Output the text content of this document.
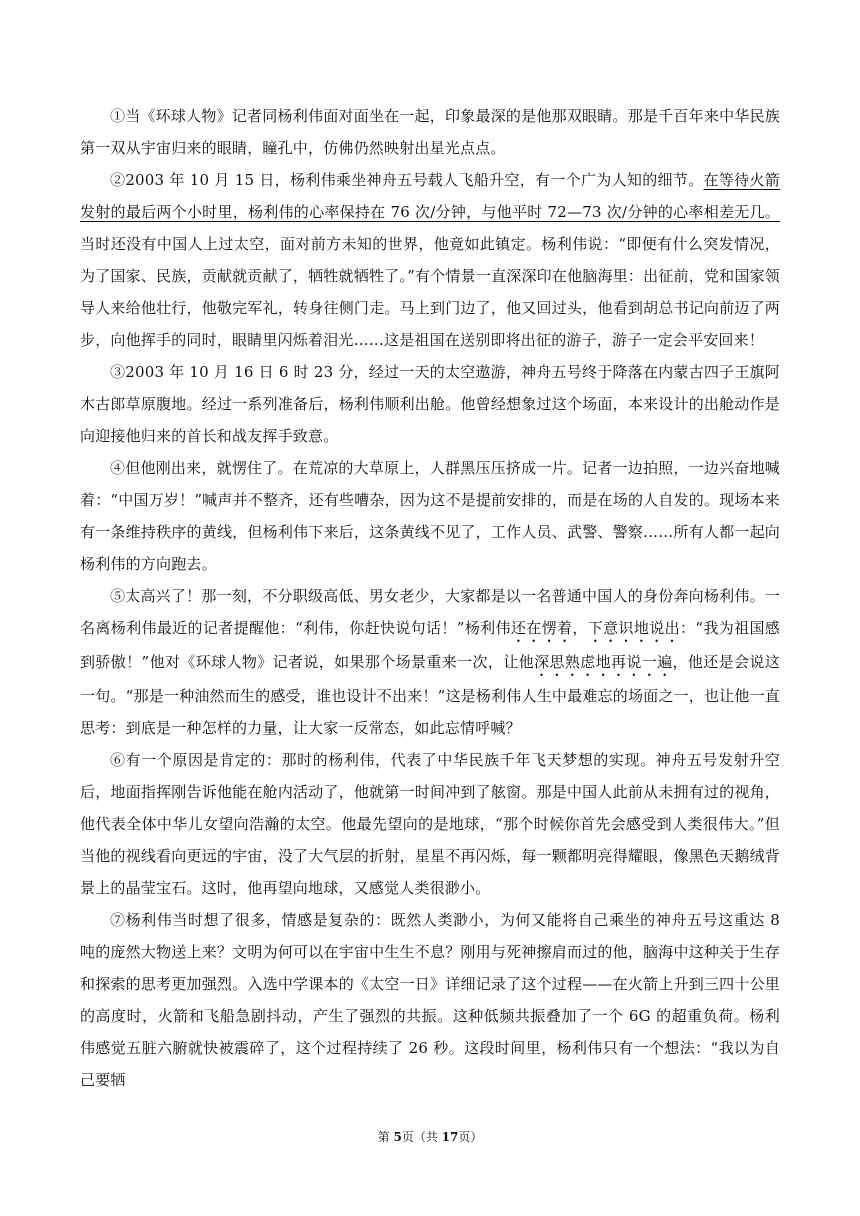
①当《环球人物》记者同杨利伟面对面坐在一起，印象最深的是他那双眼睛。那是千百年来中华民族第一双从宇宙归来的眼睛，瞳孔中，仿佛仍然映射出星光点点。

②2003 年 10 月 15 日，杨利伟乘坐神舟五号载人飞船升空，有一个广为人知的细节。在等待火箭发射的最后两个小时里，杨利伟的心率保持在 76 次/分钟，与他平时 72—73 次/分钟的心率相差无几。当时还没有中国人上过太空，面对前方未知的世界，他竟如此镇定。杨利伟说：“即便有什么突发情况，为了国家、民族，贡献就贡献了，牺牲就牺牲了。”有个情景一直深深印在他脑海里：出征前，党和国家领导人来给他壮行，他敬完军礼，转身往侧门走。马上到门边了，他又回过头，他看到胡总书记向前迈了两步，向他挥手的同时，眼睛里闪烁着泪光……这是祖国在送别即将出征的游子，游子一定会平安回来！

③2003 年 10 月 16 日 6 时 23 分，经过一天的太空遨游，神舟五号终于降落在内蒙古四子王旗阿木古郎草原腹地。经过一系列准备后，杨利伟顺利出舱。他曾经想象过这个场面，本来设计的出舱动作是向迎接他归来的首长和战友挥手致意。

④但他刚出来，就愣住了。在荒凉的大草原上，人群黑压压挤成一片。记者一边拍照，一边兴奋地喊着：“中国万岁！”喊声并不整齐，还有些嘈杂，因为这不是提前安排的，而是在场的人自发的。现场本来有一条维持秩序的黄线，但杨利伟下来后，这条黄线不见了，工作人员、武警、警察……所有人都一起向杨利伟的方向跑去。

⑤太高兴了！那一刻，不分职级高低、男女老少，大家都是以一名普通中国人的身份奔向杨利伟。一名离杨利伟最近的记者提醒他：“利伟，你赶快说句话！”杨利伟还在愣着，下意识地说出：“我为祖国感到骄傲！”他对《环球人物》记者说，如果那个场景重来一次，让他深思熟虑地再说一遍，他还是会说这一句。“那是一种油然而生的感受，谁也设计不出来！”这是杨利伟人生中最难忘的场面之一，也让他一直思考：到底是一种怎样的力量，让大家一反常态，如此忘情呼喊？

⑥有一个原因是肯定的：那时的杨利伟，代表了中华民族千年飞天梦想的实现。神舟五号发射升空后，地面指挥刚告诉他能在舱内活动了，他就第一时间冲到了舷窗。那是中国人此前从未拥有过的视角，他代表全体中华儿女望向浩瀚的太空。他最先望向的是地球，“那个时候你首先会感受到人类很伟大。”但当他的视线看向更远的宇宙，没了大气层的折射，星星不再闪烁，每一颗都明亮得耀眼，像黑色天鹅绒背景上的晶莹宝石。这时，他再望向地球，又感觉人类很渺小。

⑦杨利伟当时想了很多，情感是复杂的：既然人类渺小，为何又能将自己乘坐的神舟五号这重达 8 吨的庞然大物送上来？文明为何可以在宇宙中生生不息？刚用与死神擦肩而过的他，脑海中这种关于生存和探索的思考更加强烈。入选中学课本的《太空一日》详细记录了这个过程——在火箭上升到三四十公里的高度时，火箭和飞船急剧抖动，产生了强烈的共振。这种低频共振叠加了一个 6G 的超重负荷。杨利伟感觉五脏六腑就快被震碎了，这个过程持续了 26 秒。这段时间里，杨利伟只有一个想法：“我以为自己要牺

第 5页（共 17页）
